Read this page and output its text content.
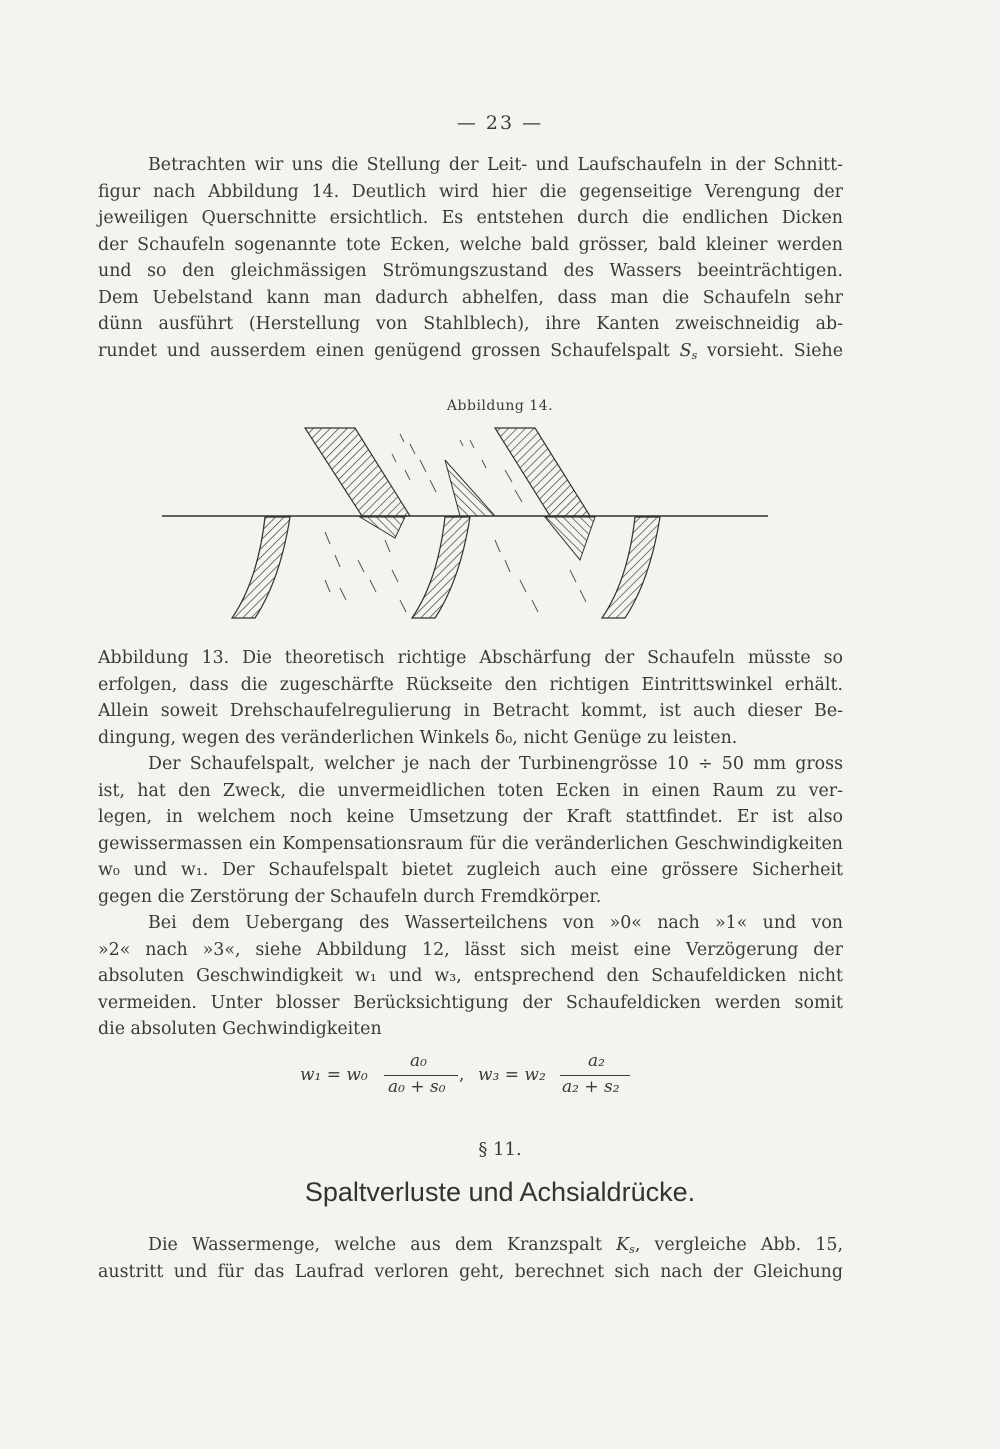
— 23 —
Betrachten wir uns die Stellung der Leit- und Laufschaufeln in der Schnitt-
figur nach Abbildung 14. Deutlich wird hier die gegenseitige Verengung der
jeweiligen Querschnitte ersichtlich. Es entstehen durch die endlichen Dicken
der Schaufeln sogenannte tote Ecken, welche bald grösser, bald kleiner werden
und so den gleichmässigen Strömungszustand des Wassers beeinträchtigen.
Dem Uebelstand kann man dadurch abhelfen, dass man die Schaufeln sehr
dünn ausführt (Herstellung von Stahlblech), ihre Kanten zweischneidig ab-
rundet und ausserdem einen genügend grossen Schaufelspalt $S_s$ vorsieht. Siehe
Abbildung 14.
Abbildung 13. Die theoretisch richtige Abschärfung der Schaufeln müsste so
erfolgen, dass die zugeschärfte Rückseite den richtigen Eintrittswinkel erhält.
Allein soweit Drehschaufelregulierung in Betracht kommt, ist auch dieser Be-
dingung, wegen des veränderlichen Winkels δ₀, nicht Genüge zu leisten.
Der Schaufelspalt, welcher je nach der Turbinengrösse 10 ÷ 50 mm gross
ist, hat den Zweck, die unvermeidlichen toten Ecken in einen Raum zu ver-
legen, in welchem noch keine Umsetzung der Kraft stattfindet. Er ist also
gewissermassen ein Kompensationsraum für die veränderlichen Geschwindigkeiten
w₀ und w₁. Der Schaufelspalt bietet zugleich auch eine grössere Sicherheit
gegen die Zerstörung der Schaufeln durch Fremdkörper.
Bei dem Uebergang des Wasserteilchens von »0« nach »1« und von
»2« nach »3«, siehe Abbildung 12, lässt sich meist eine Verzögerung der
absoluten Geschwindigkeit w₁ und w₃, entsprechend den Schaufeldicken nicht
vermeiden. Unter blosser Berücksichtigung der Schaufeldicken werden somit
die absoluten Gechwindigkeiten
w₁ = w₀
a₀
a₀ + s₀
, w₃ = w₂
a₂
a₂ + s₂
§ 11.
Spaltverluste und Achsialdrücke.
Die Wassermenge, welche aus dem Kranzspalt $K_s$, vergleiche Abb. 15,
austritt und für das Laufrad verloren geht, berechnet sich nach der Gleichung
